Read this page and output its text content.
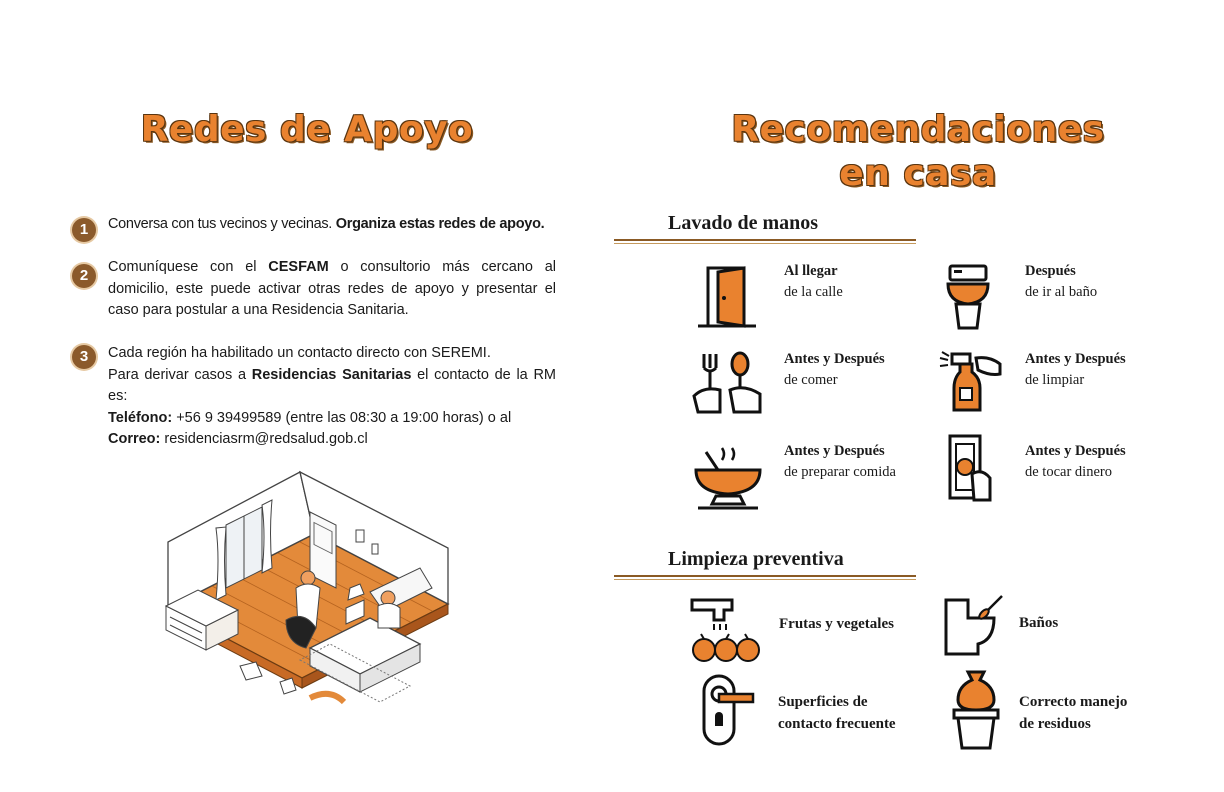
Redes de Apoyo
1	Conversa con tus vecinos y vecinas. Organiza estas redes de apoyo.
2	Comuníquese con el CESFAM o consultorio más cercano al domicilio, este puede activar otras redes de apoyo y presentar el caso para postular a una Residencia Sanitaria.
3	Cada región ha habilitado un contacto directo con SEREMI.
Para derivar casos a Residencias Sanitarias el contacto de la RM es:
Teléfono: +56 9 39499589 (entre las 08:30 a 19:00 horas) o al
Correo: residenciasrm@redsalud.gob.cl
Recomendaciones
en casa
Lavado de manos
Al llegar
de la calle
Después
de ir al baño
Antes y Después
de comer
Antes y Después
de limpiar
Antes y Después
de preparar comida
Antes y Después
de tocar dinero
Limpieza preventiva
Frutas y vegetales	Baños
Superficies de
contacto frecuente
Correcto manejo
de residuos
